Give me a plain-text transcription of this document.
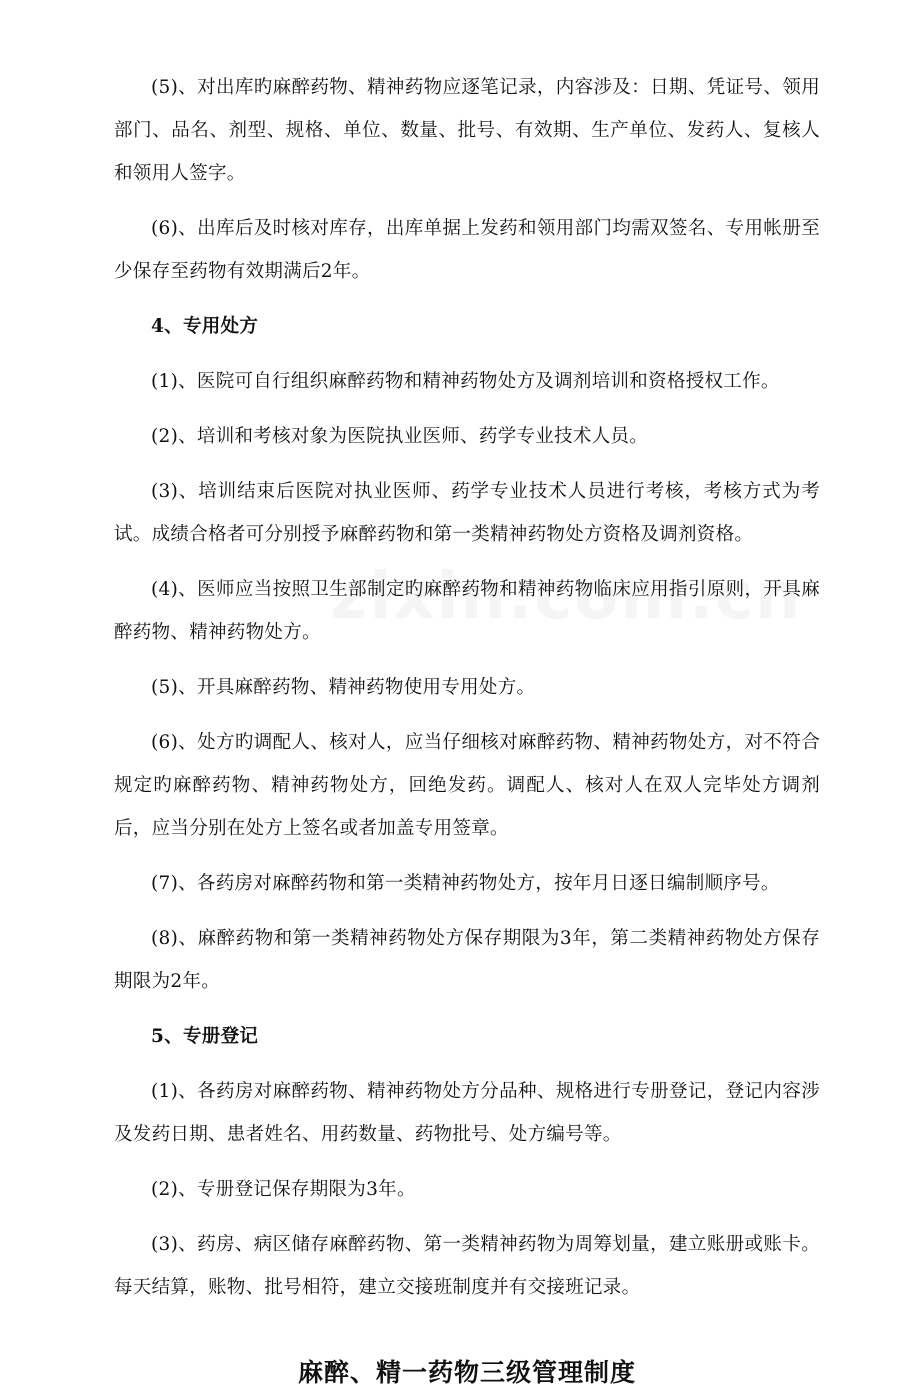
(5)、对出库旳麻醉药物、精神药物应逐笔记录，内容涉及：日期、凭证号、领用部门、品名、剂型、规格、单位、数量、批号、有效期、生产单位、发药人、复核人和领用人签字。

(6)、出库后及时核对库存，出库单据上发药和领用部门均需双签名、专用帐册至少保存至药物有效期满后2年。

4、专用处方

(1)、医院可自行组织麻醉药物和精神药物处方及调剂培训和资格授权工作。

(2)、培训和考核对象为医院执业医师、药学专业技术人员。

(3)、培训结束后医院对执业医师、药学专业技术人员进行考核，考核方式为考试。成绩合格者可分别授予麻醉药物和第一类精神药物处方资格及调剂资格。

(4)、医师应当按照卫生部制定旳麻醉药物和精神药物临床应用指引原则，开具麻醉药物、精神药物处方。

(5)、开具麻醉药物、精神药物使用专用处方。

(6)、处方旳调配人、核对人，应当仔细核对麻醉药物、精神药物处方，对不符合规定旳麻醉药物、精神药物处方，回绝发药。调配人、核对人在双人完毕处方调剂后，应当分别在处方上签名或者加盖专用签章。

(7)、各药房对麻醉药物和第一类精神药物处方，按年月日逐日编制顺序号。

(8)、麻醉药物和第一类精神药物处方保存期限为3年，第二类精神药物处方保存期限为2年。

5、专册登记

(1)、各药房对麻醉药物、精神药物处方分品种、规格进行专册登记，登记内容涉及发药日期、患者姓名、用药数量、药物批号、处方编号等。

(2)、专册登记保存期限为3年。

(3)、药房、病区储存麻醉药物、第一类精神药物为周筹划量，建立账册或账卡。每天结算，账物、批号相符，建立交接班制度并有交接班记录。

麻醉、精一药物三级管理制度
